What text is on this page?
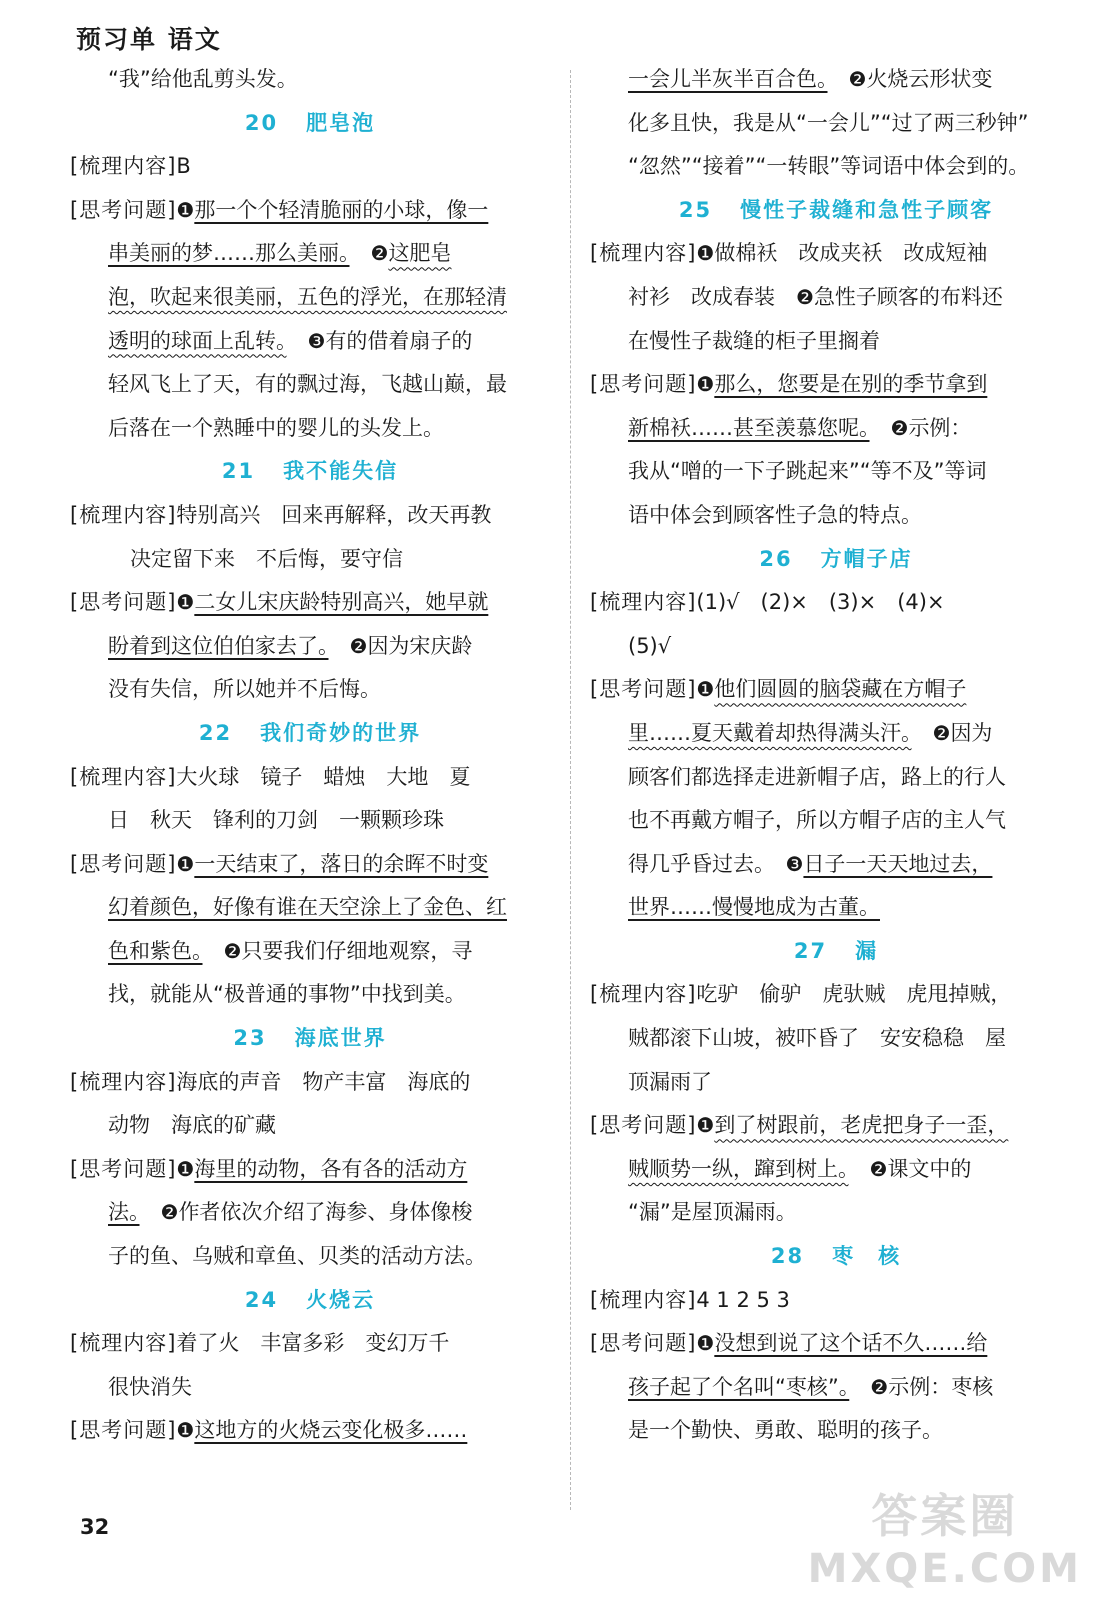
预习单 语文
“我”给他乱剪头发。
20 肥皂泡
[梳理内容]B
[思考问题]❶那一个个轻清脆丽的小球，像一
串美丽的梦……那么美丽。　 ❷这肥皂
泡，吹起来很美丽，五色的浮光，在那轻清
透明的球面上乱转。　 ❸有的借着扇子的
轻风飞上了天，有的飘过海，飞越山巅，最
后落在一个熟睡中的婴儿的头发上。
21 我不能失信
[梳理内容]特别高兴　回来再解释，改天再教
决定留下来　不后悔，要守信
[思考问题]❶二女儿宋庆龄特别高兴，她早就
盼着到这位伯伯家去了。　 ❷因为宋庆龄
没有失信，所以她并不后悔。
22 我们奇妙的世界
[梳理内容]大火球　镜子　蜡烛　大地　夏
日　秋天　锋利的刀剑　一颗颗珍珠
[思考问题]❶一天结束了，落日的余晖不时变
幻着颜色，好像有谁在天空涂上了金色、红
色和紫色。　 ❷只要我们仔细地观察，寻
找，就能从“极普通的事物”中找到美。
23 海底世界
[梳理内容]海底的声音　物产丰富　海底的
动物　海底的矿藏
[思考问题]❶海里的动物，各有各的活动方
法。　 ❷作者依次介绍了海参、身体像梭
子的鱼、乌贼和章鱼、贝类的活动方法。
24 火烧云
[梳理内容]着了火　丰富多彩　变幻万千
很快消失
[思考问题]❶这地方的火烧云变化极多……
一会儿半灰半百合色。　 ❷火烧云形状变
化多且快，我是从“一会儿”“过了两三秒钟”
“忽然”“接着”“一转眼”等词语中体会到的。
25 慢性子裁缝和急性子顾客
[梳理内容]❶做棉袄　改成夹袄　改成短袖
衬衫　改成春装　 ❷急性子顾客的布料还
在慢性子裁缝的柜子里搁着
[思考问题]❶那么，您要是在别的季节拿到
新棉袄……甚至羡慕您呢。　 ❷示例：
我从“噌的一下子跳起来”“等不及”等词
语中体会到顾客性子急的特点。
26 方帽子店
[梳理内容](1)√　(2)×　(3)×　(4)×
(5)√
[思考问题]❶他们圆圆的脑袋藏在方帽子
里……夏天戴着却热得满头汗。　 ❷因为
顾客们都选择走进新帽子店，路上的行人
也不再戴方帽子，所以方帽子店的主人气
得几乎昏过去。　 ❸日子一天天地过去，
世界……慢慢地成为古董。
27 漏
[梳理内容]吃驴　偷驴　虎驮贼　虎甩掉贼，
贼都滚下山坡，被吓昏了　安安稳稳　屋
顶漏雨了
[思考问题]❶到了树跟前，老虎把身子一歪，
贼顺势一纵，蹿到树上。　 ❷课文中的
“漏”是屋顶漏雨。
28 枣　核
[梳理内容]4 1 2 5 3
[思考问题]❶没想到说了这个话不久……给
孩子起了个名叫“枣核”。　 ❷示例：枣核
是一个勤快、勇敢、聪明的孩子。
32	答案圈
MXQE.COM
